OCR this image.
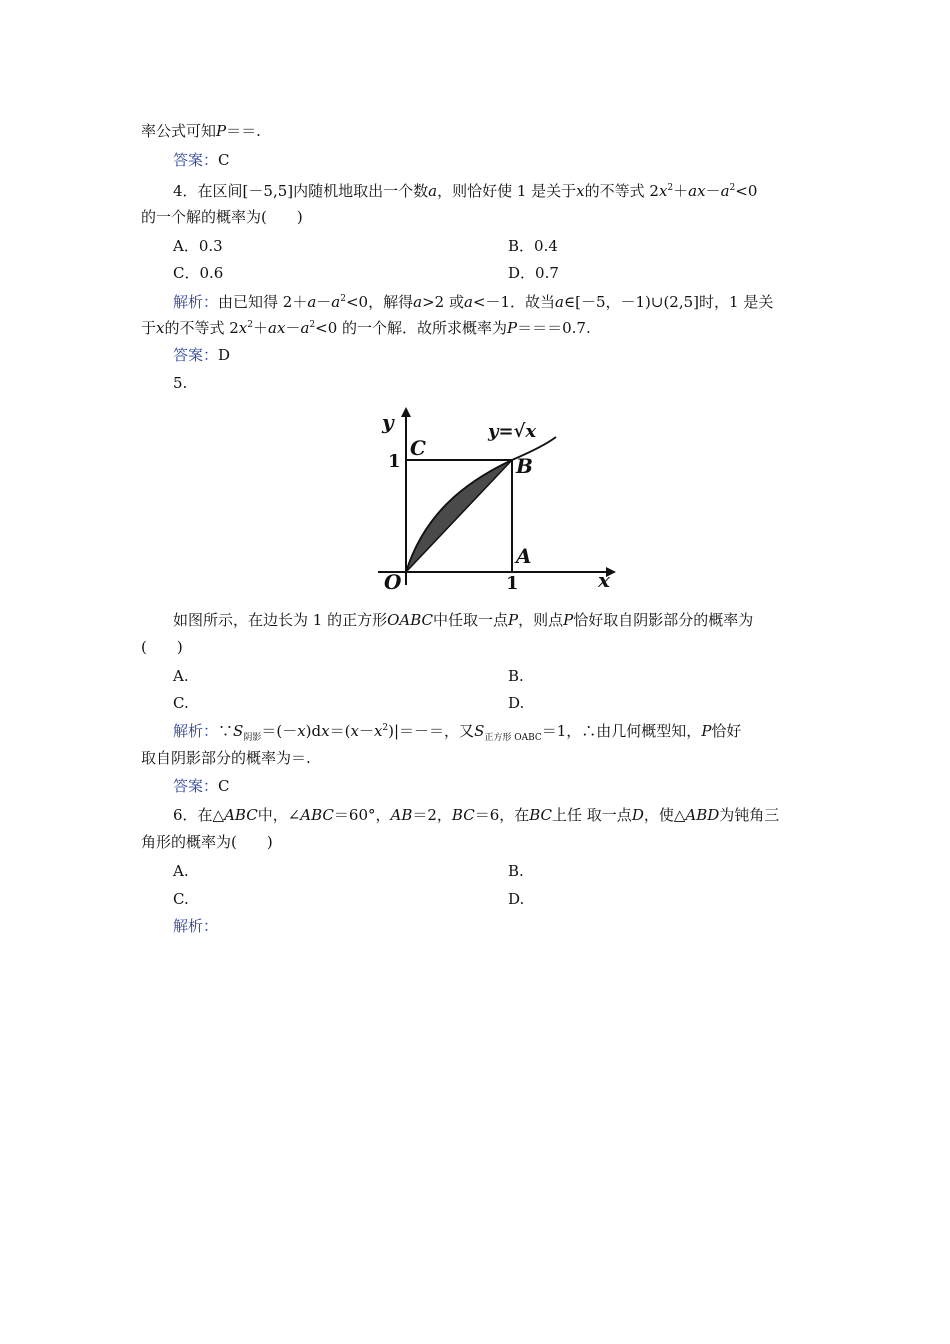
率公式可知P＝＝.
答案：C
4．在区间[－5,5]内随机地取出一个数a，则恰好使 1 是关于x的不等式 $2x^2+ax-a^2<0$
的一个解的概率为(　　)
A．0.3	B．0.4
C．0.6	D．0.7
解析：由已知得 $2+a-a^2<0$，解得a>2 或a<－1．故当a∈[－5，－1)∪(2,5]时，1 是关
于x的不等式 $2x^2+ax-a^2<0$ 的一个解．故所求概率为P＝＝＝0.7.
答案：D
5.
y
x
C
B
A
O
1
1
y=√x
如图所示，在边长为 1 的正方形OABC中任取一点P，则点P恰好取自阴影部分的概率为
(　　)
A.	B.
C.	D.
解析：$\because S_{阴影}=(-x)dx=(x-x^2)|=-=$，又$S_{正方形 OABC}=1$，∴由几何概型知，P恰好
取自阴影部分的概率为＝.
答案：C
6．在△ABC中，∠ABC＝60°，AB＝2，BC＝6，在BC上任 取一点D，使△ABD为钝角三
角形的概率为(　　)
A.	B.
C.	D.
解析：
